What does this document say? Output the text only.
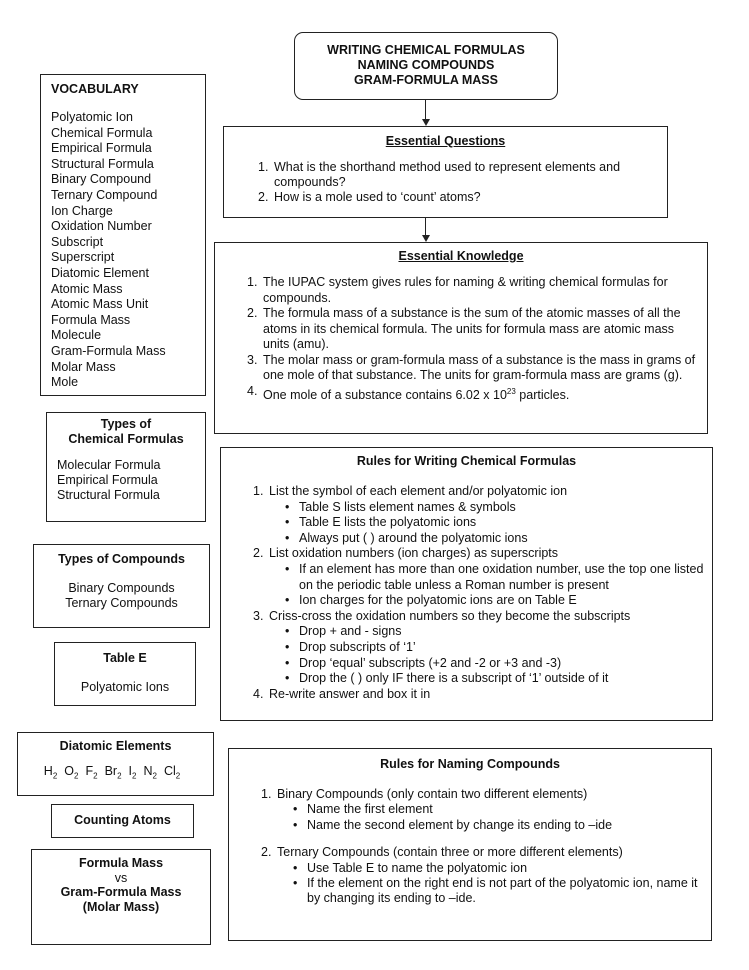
WRITING CHEMICAL FORMULAS
NAMING COMPOUNDS
GRAM-FORMULA MASS
VOCABULARY
Polyatomic Ion
Chemical Formula
Empirical Formula
Structural Formula
Binary Compound
Ternary Compound
Ion Charge
Oxidation Number
Subscript
Superscript
Diatomic Element
Atomic Mass
Atomic Mass Unit
Formula Mass
Molecule
Gram-Formula Mass
Molar Mass
Mole
Types of
Chemical Formulas
Molecular Formula
Empirical Formula
Structural Formula
Types of Compounds
Binary Compounds
Ternary Compounds
Table E
Polyatomic Ions
Diatomic Elements
$H_2$ $O_2$ $F_2$ $Br_2$ $I_2$ $N_2$ $Cl_2$
Counting Atoms
Formula Mass
vs
Gram-Formula Mass
(Molar Mass)
Essential Questions
1. What is the shorthand method used to represent elements and compounds?
2. How is a mole used to ‘count’ atoms?
Essential Knowledge
1. The IUPAC system gives rules for naming & writing chemical formulas for compounds.
2. The formula mass of a substance is the sum of the atomic masses of all the atoms in its chemical formula. The units for formula mass are atomic mass units (amu).
3. The molar mass or gram-formula mass of a substance is the mass in grams of one mole of that substance. The units for gram-formula mass are grams (g).
4. One mole of a substance contains 6.02 x $10^{23}$ particles.
Rules for Writing Chemical Formulas
1. List the symbol of each element and/or polyatomic ion
• Table S lists element names & symbols
• Table E lists the polyatomic ions
• Always put ( ) around the polyatomic ions
2. List oxidation numbers (ion charges) as superscripts
• If an element has more than one oxidation number, use the top one listed on the periodic table unless a Roman number is present
• Ion charges for the polyatomic ions are on Table E
3. Criss-cross the oxidation numbers so they become the subscripts
• Drop + and - signs
• Drop subscripts of ‘1’
• Drop ‘equal’ subscripts (+2 and -2 or +3 and -3)
• Drop the ( ) only IF there is a subscript of ‘1’ outside of it
4. Re-write answer and box it in
Rules for Naming Compounds
1. Binary Compounds (only contain two different elements)
• Name the first element
• Name the second element by change its ending to –ide
2. Ternary Compounds (contain three or more different elements)
• Use Table E to name the polyatomic ion
• If the element on the right end is not part of the polyatomic ion, name it by changing its ending to –ide.
